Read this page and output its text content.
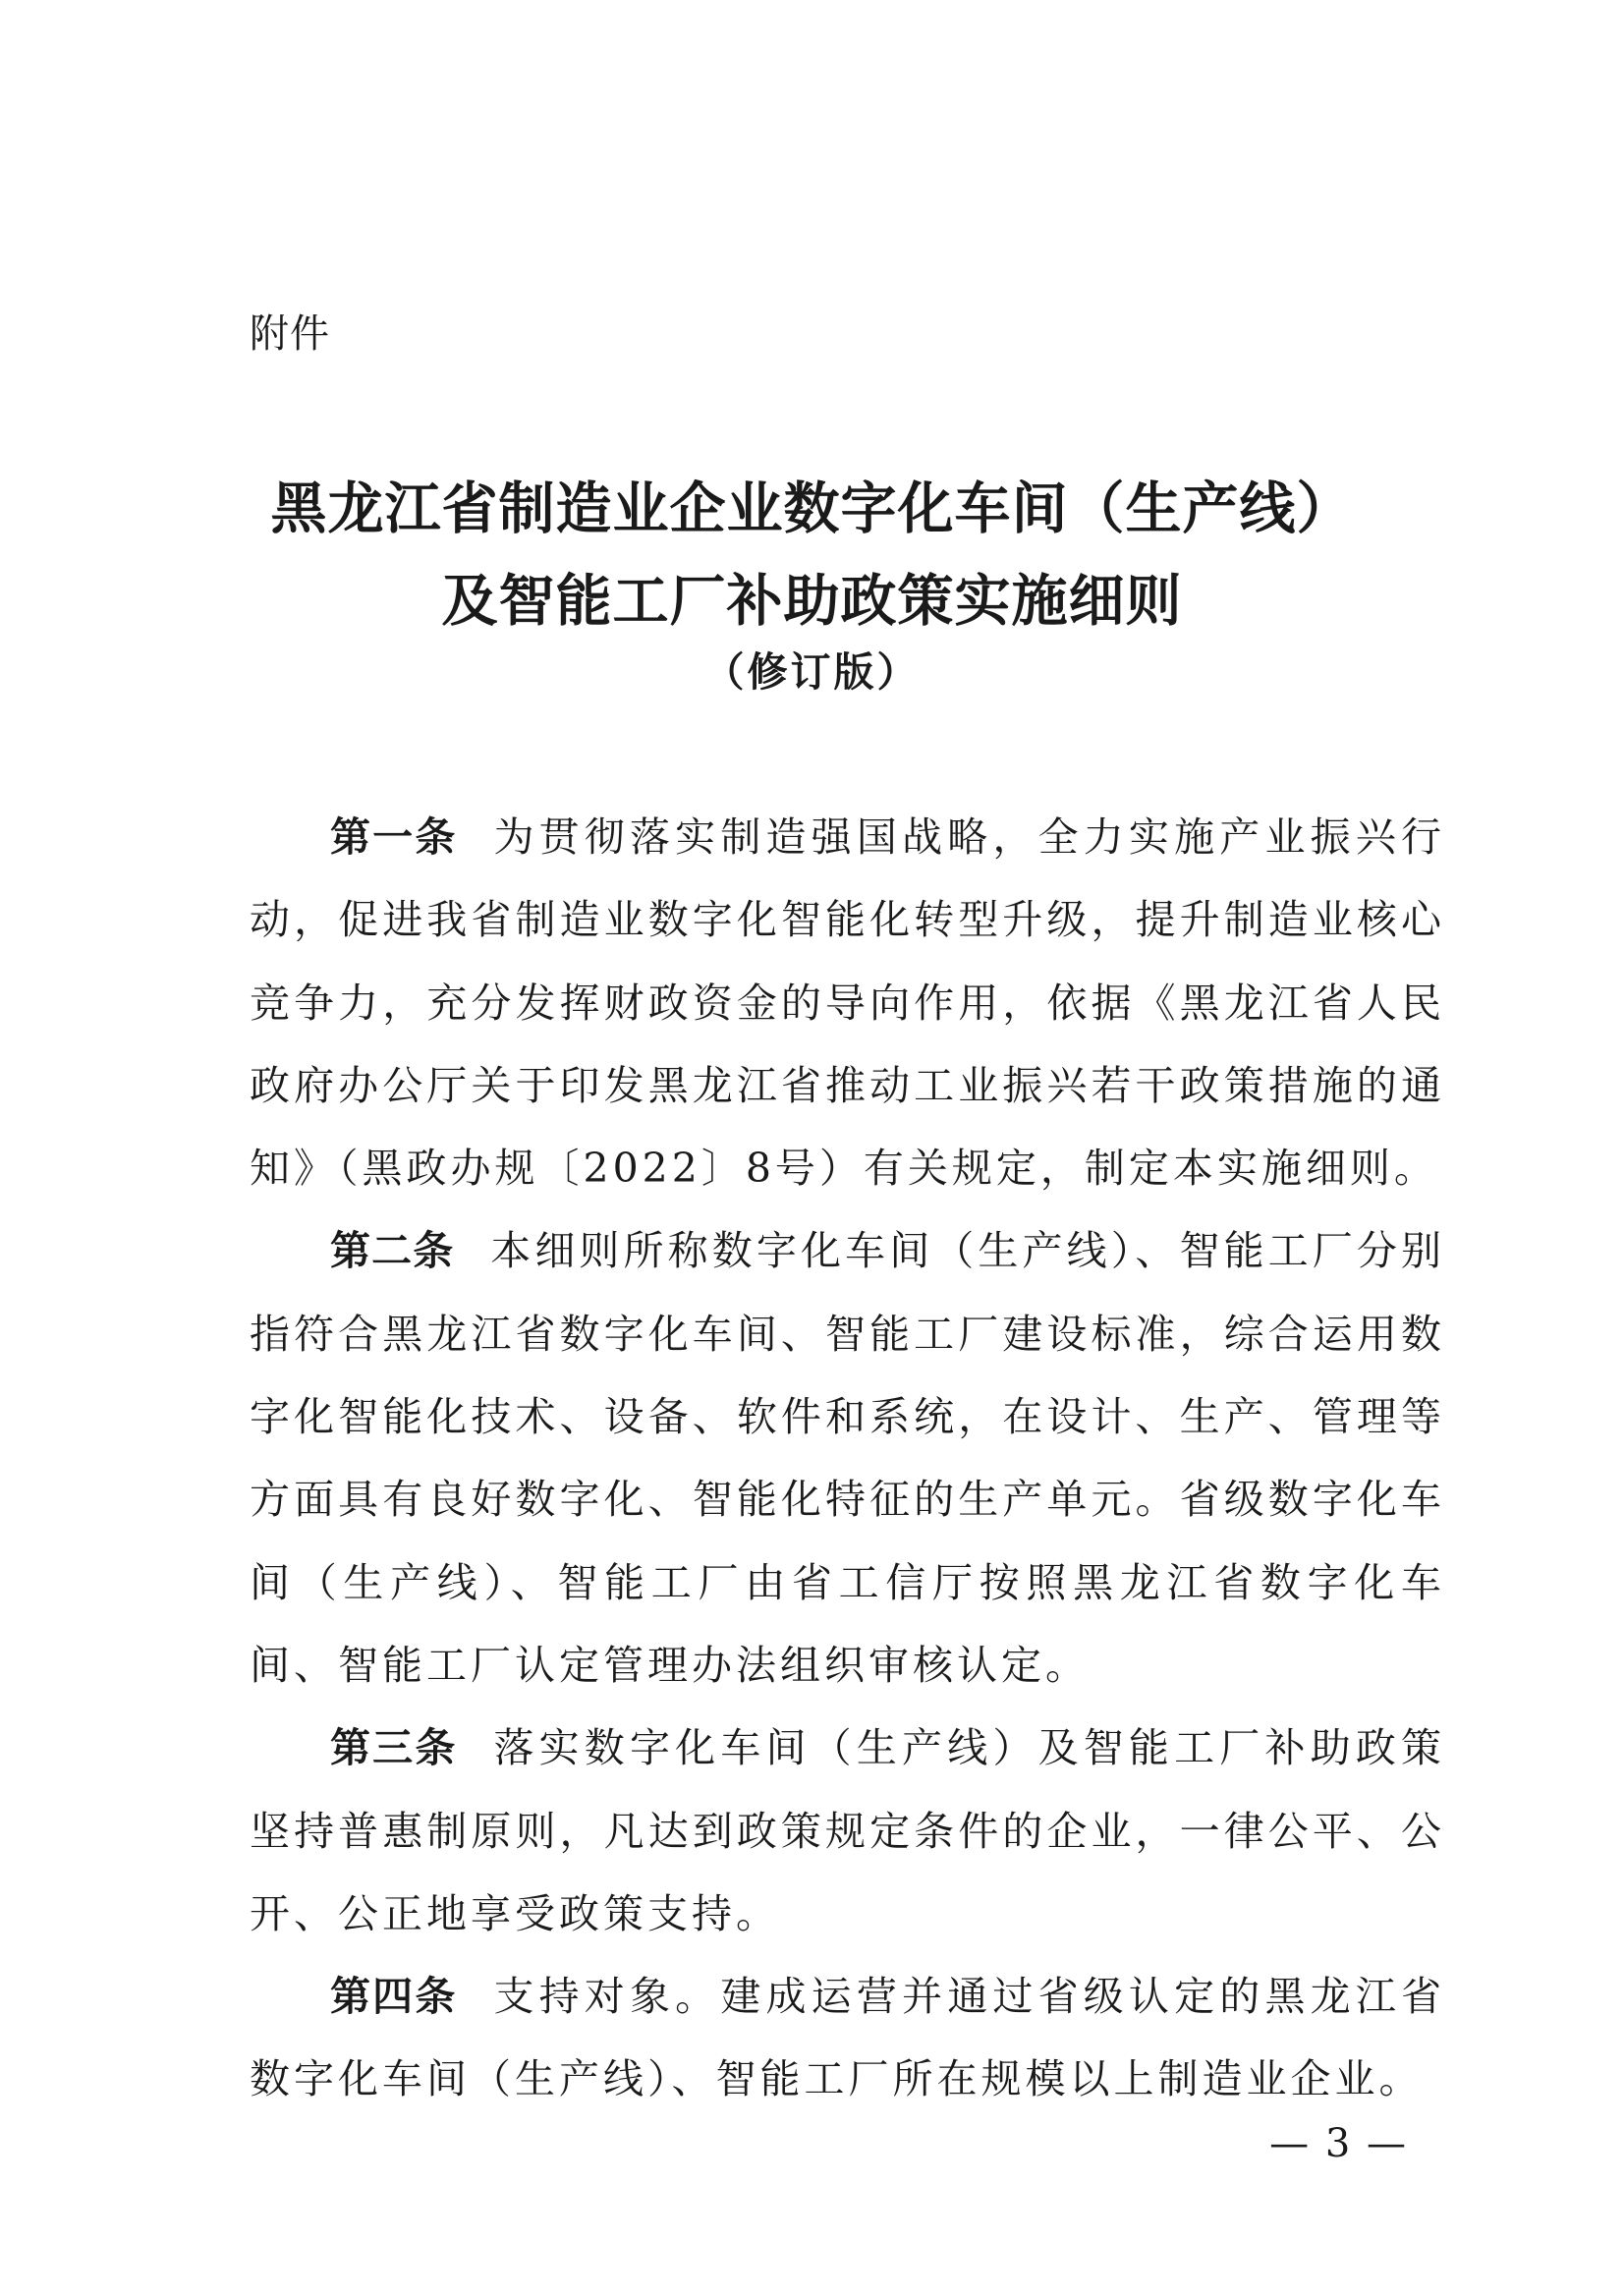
附件
黑龙江省制造业企业数字化车间（生产线）
及智能工厂补助政策实施细则
（修订版）

第一条 为贯彻落实制造强国战略，全力实施产业振兴行动，促进我省制造业数字化智能化转型升级，提升制造业核心竞争力，充分发挥财政资金的导向作用，依据《黑龙江省人民政府办公厅关于印发黑龙江省推动工业振兴若干政策措施的通知》（黑政办规〔2022〕8号）有关规定，制定本实施细则。

第二条 本细则所称数字化车间（生产线）、智能工厂分别指符合黑龙江省数字化车间、智能工厂建设标准，综合运用数字化智能化技术、设备、软件和系统，在设计、生产、管理等方面具有良好数字化、智能化特征的生产单元。省级数字化车间（生产线）、智能工厂由省工信厅按照黑龙江省数字化车间、智能工厂认定管理办法组织审核认定。

第三条 落实数字化车间（生产线）及智能工厂补助政策坚持普惠制原则，凡达到政策规定条件的企业，一律公平、公开、公正地享受政策支持。

第四条 支持对象。建成运营并通过省级认定的黑龙江省数字化车间（生产线）、智能工厂所在规模以上制造业企业。

— 3 —
